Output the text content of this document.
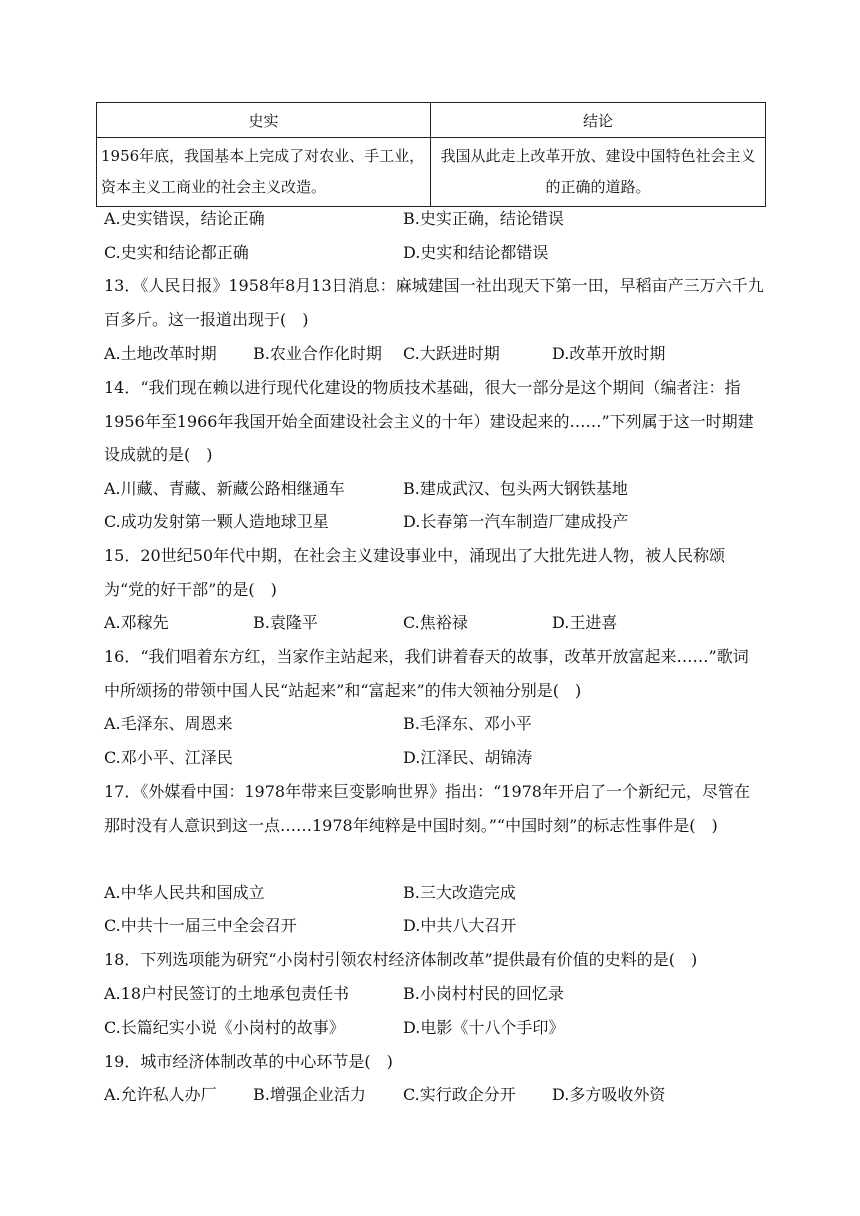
史实	结论
1956年底，我国基本上完成了对农业、手工业，资本主义工商业的社会主义改造。	我国从此走上改革开放、建设中国特色社会主义的正确的道路。
A.史实错误，结论正确	B.史实正确，结论错误
C.史实和结论都正确	D.史实和结论都错误
13．《人民日报》1958年8月13日消息：麻城建国一社出现天下第一田，早稻亩产三万六千九百多斤。这一报道出现于(　)
A.土地改革时期 B.农业合作化时期 C.大跃进时期	D.改革开放时期
14．“我们现在赖以进行现代化建设的物质技术基础，很大一部分是这个期间（编者注：指1956年至1966年我国开始全面建设社会主义的十年）建设起来的……”下列属于这一时期建设成就的是(　)
A.川藏、青藏、新藏公路相继通车	B.建成武汉、包头两大钢铁基地
C.成功发射第一颗人造地球卫星	D.长春第一汽车制造厂建成投产
15．20世纪50年代中期，在社会主义建设事业中，涌现出了大批先进人物，被人民称颂为“党的好干部”的是(　)
A.邓稼先	B.袁隆平	C.焦裕禄	D.王进喜
16．“我们唱着东方红，当家作主站起来，我们讲着春天的故事，改革开放富起来……”歌词中所颂扬的带领中国人民“站起来”和“富起来”的伟大领袖分别是(　)
A.毛泽东、周恩来	B.毛泽东、邓小平
C.邓小平、江泽民	D.江泽民、胡锦涛
17．《外媒看中国：1978年带来巨变影响世界》指出：“1978年开启了一个新纪元，尽管在那时没有人意识到这一点……1978年纯粹是中国时刻。”“中国时刻”的标志性事件是(　)
A.中华人民共和国成立	B.三大改造完成
C.中共十一届三中全会召开	D.中共八大召开
18．下列选项能为研究“小岗村引领农村经济体制改革”提供最有价值的史料的是(　)
A.18户村民签订的土地承包责任书	B.小岗村村民的回忆录
C.长篇纪实小说《小岗村的故事》	D.电影《十八个手印》
19．城市经济体制改革的中心环节是(　)
A.允许私人办厂 B.增强企业活力 C.实行政企分开 D.多方吸收外资
